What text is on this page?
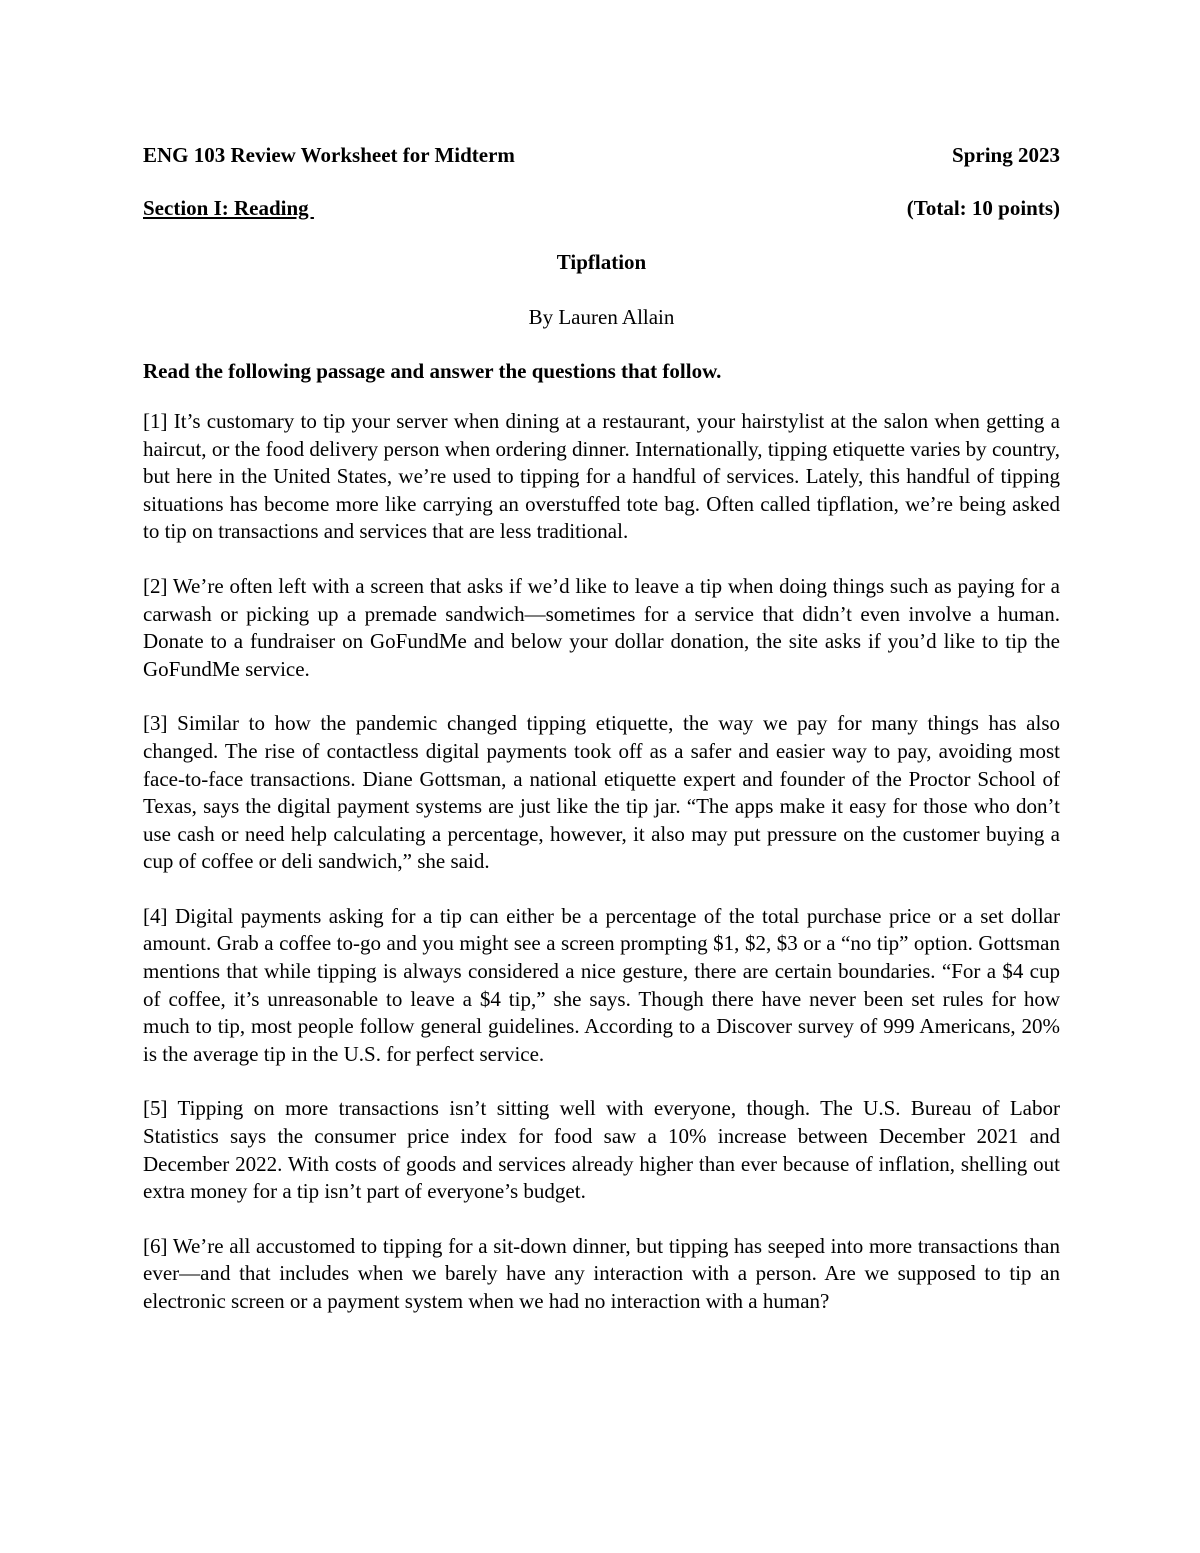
ENG 103 Review Worksheet for Midterm	Spring 2023
Section I: Reading	(Total: 10 points)
Tipflation
By Lauren Allain
Read the following passage and answer the questions that follow.

[1] It’s customary to tip your server when dining at a restaurant, your hairstylist at the salon when getting a haircut, or the food delivery person when ordering dinner. Internationally, tipping etiquette varies by country, but here in the United States, we’re used to tipping for a handful of services. Lately, this handful of tipping situations has become more like carrying an overstuffed tote bag. Often called tipflation, we’re being asked to tip on transactions and services that are less traditional.

[2] We’re often left with a screen that asks if we’d like to leave a tip when doing things such as paying for a carwash or picking up a premade sandwich—sometimes for a service that didn’t even involve a human. Donate to a fundraiser on GoFundMe and below your dollar donation, the site asks if you’d like to tip the GoFundMe service.

[3] Similar to how the pandemic changed tipping etiquette, the way we pay for many things has also changed. The rise of contactless digital payments took off as a safer and easier way to pay, avoiding most face-to-face transactions. Diane Gottsman, a national etiquette expert and founder of the Proctor School of Texas, says the digital payment systems are just like the tip jar. “The apps make it easy for those who don’t use cash or need help calculating a percentage, however, it also may put pressure on the customer buying a cup of coffee or deli sandwich,” she said.

[4] Digital payments asking for a tip can either be a percentage of the total purchase price or a set dollar amount. Grab a coffee to-go and you might see a screen prompting $1, $2, $3 or a “no tip” option. Gottsman mentions that while tipping is always considered a nice gesture, there are certain boundaries. “For a $4 cup of coffee, it’s unreasonable to leave a $4 tip,” she says. Though there have never been set rules for how much to tip, most people follow general guidelines. According to a Discover survey of 999 Americans, 20% is the average tip in the U.S. for perfect service.

[5] Tipping on more transactions isn’t sitting well with everyone, though. The U.S. Bureau of Labor Statistics says the consumer price index for food saw a 10% increase between December 2021 and December 2022. With costs of goods and services already higher than ever because of inflation, shelling out extra money for a tip isn’t part of everyone’s budget.

[6] We’re all accustomed to tipping for a sit-down dinner, but tipping has seeped into more transactions than ever—and that includes when we barely have any interaction with a person. Are we supposed to tip an electronic screen or a payment system when we had no interaction with a human?
